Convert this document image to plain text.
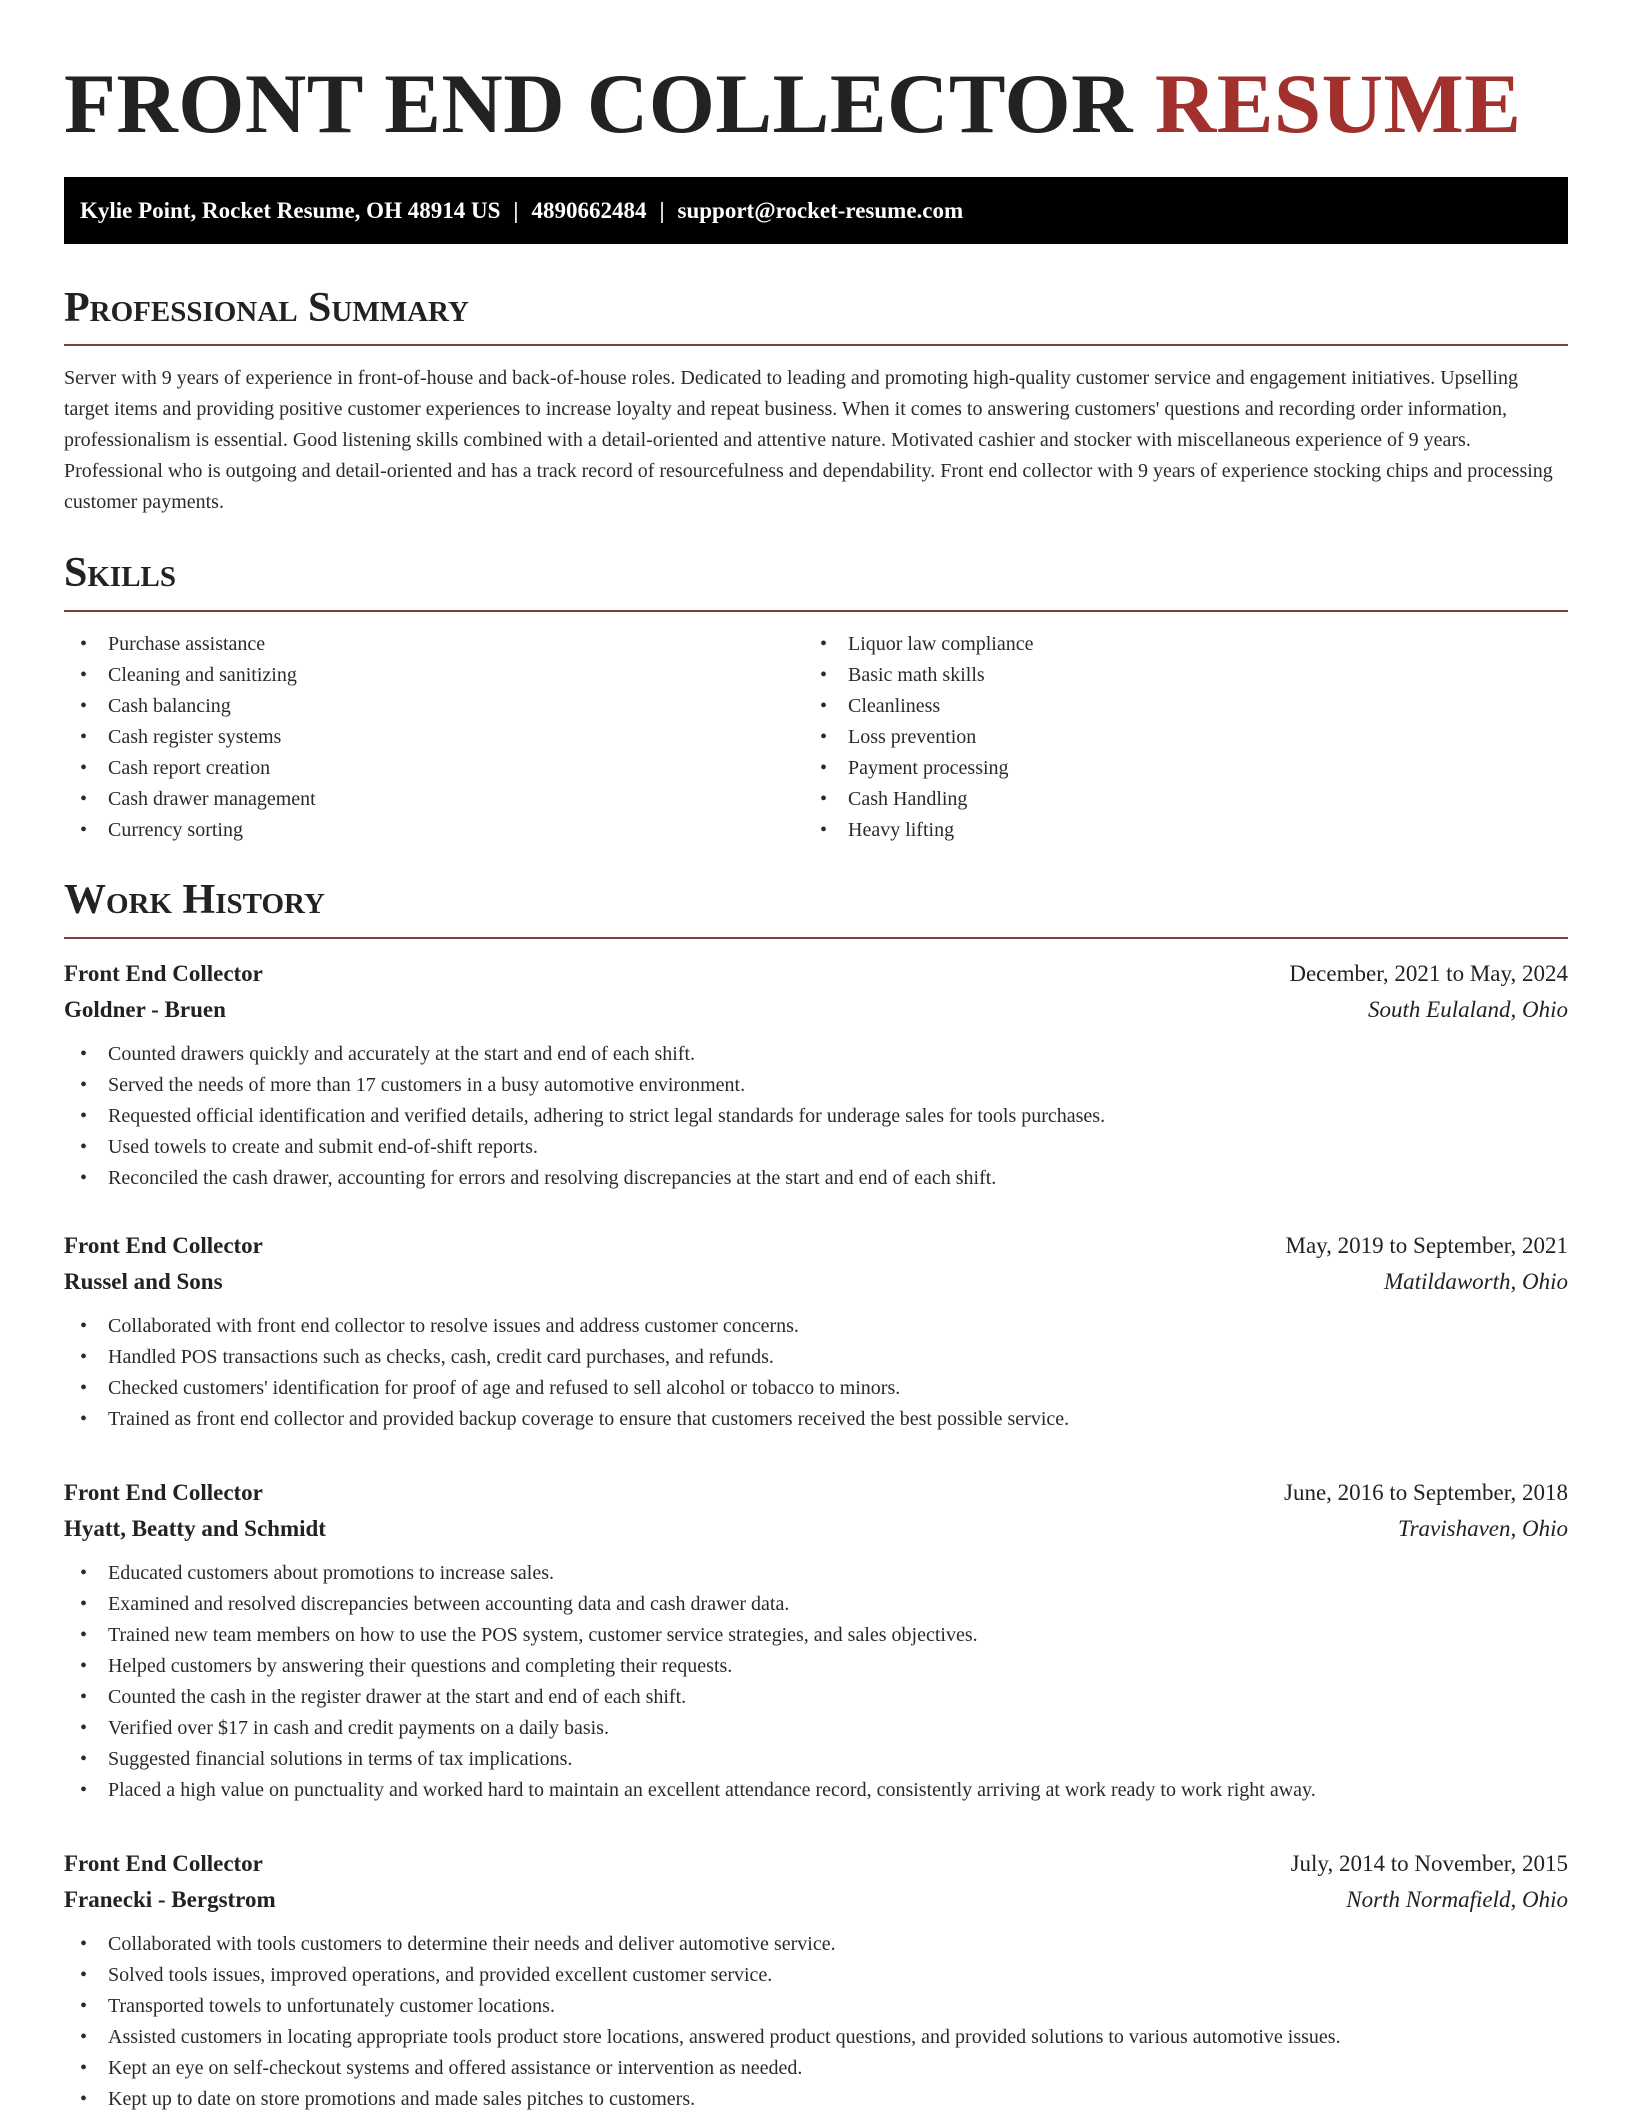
FRONT END COLLECTOR RESUME
Kylie Point, Rocket Resume, OH 48914 US | 4890662484 | support@rocket-resume.com
Professional Summary

Server with 9 years of experience in front-of-house and back-of-house roles. Dedicated to leading and promoting high-quality customer service and engagement initiatives. Upselling target items and providing positive customer experiences to increase loyalty and repeat business. When it comes to answering customers' questions and recording order information, professionalism is essential. Good listening skills combined with a detail-oriented and attentive nature. Motivated cashier and stocker with miscellaneous experience of 9 years. Professional who is outgoing and detail-oriented and has a track record of resourcefulness and dependability. Front end collector with 9 years of experience stocking chips and processing customer payments.

Skills
• Purchase assistance
• Cleaning and sanitizing
• Cash balancing
• Cash register systems
• Cash report creation
• Cash drawer management
• Currency sorting
• Liquor law compliance
• Basic math skills
• Cleanliness
• Loss prevention
• Payment processing
• Cash Handling
• Heavy lifting
Work History
Front End Collector	December, 2021 to May, 2024
Goldner - Bruen	South Eulaland, Ohio
• Counted drawers quickly and accurately at the start and end of each shift.
• Served the needs of more than 17 customers in a busy automotive environment.
• Requested official identification and verified details, adhering to strict legal standards for underage sales for tools purchases.
• Used towels to create and submit end-of-shift reports.
• Reconciled the cash drawer, accounting for errors and resolving discrepancies at the start and end of each shift.
Front End Collector	May, 2019 to September, 2021
Russel and Sons	Matildaworth, Ohio
• Collaborated with front end collector to resolve issues and address customer concerns.
• Handled POS transactions such as checks, cash, credit card purchases, and refunds.
• Checked customers' identification for proof of age and refused to sell alcohol or tobacco to minors.
• Trained as front end collector and provided backup coverage to ensure that customers received the best possible service.
Front End Collector	June, 2016 to September, 2018
Hyatt, Beatty and Schmidt	Travishaven, Ohio
• Educated customers about promotions to increase sales.
• Examined and resolved discrepancies between accounting data and cash drawer data.
• Trained new team members on how to use the POS system, customer service strategies, and sales objectives.
• Helped customers by answering their questions and completing their requests.
• Counted the cash in the register drawer at the start and end of each shift.
• Verified over $17 in cash and credit payments on a daily basis.
• Suggested financial solutions in terms of tax implications.
• Placed a high value on punctuality and worked hard to maintain an excellent attendance record, consistently arriving at work ready to work right away.
Front End Collector	July, 2014 to November, 2015
Franecki - Bergstrom	North Normafield, Ohio
• Collaborated with tools customers to determine their needs and deliver automotive service.
• Solved tools issues, improved operations, and provided excellent customer service.
• Transported towels to unfortunately customer locations.
• Assisted customers in locating appropriate tools product store locations, answered product questions, and provided solutions to various automotive issues.
• Kept an eye on self-checkout systems and offered assistance or intervention as needed.
• Kept up to date on store promotions and made sales pitches to customers.
